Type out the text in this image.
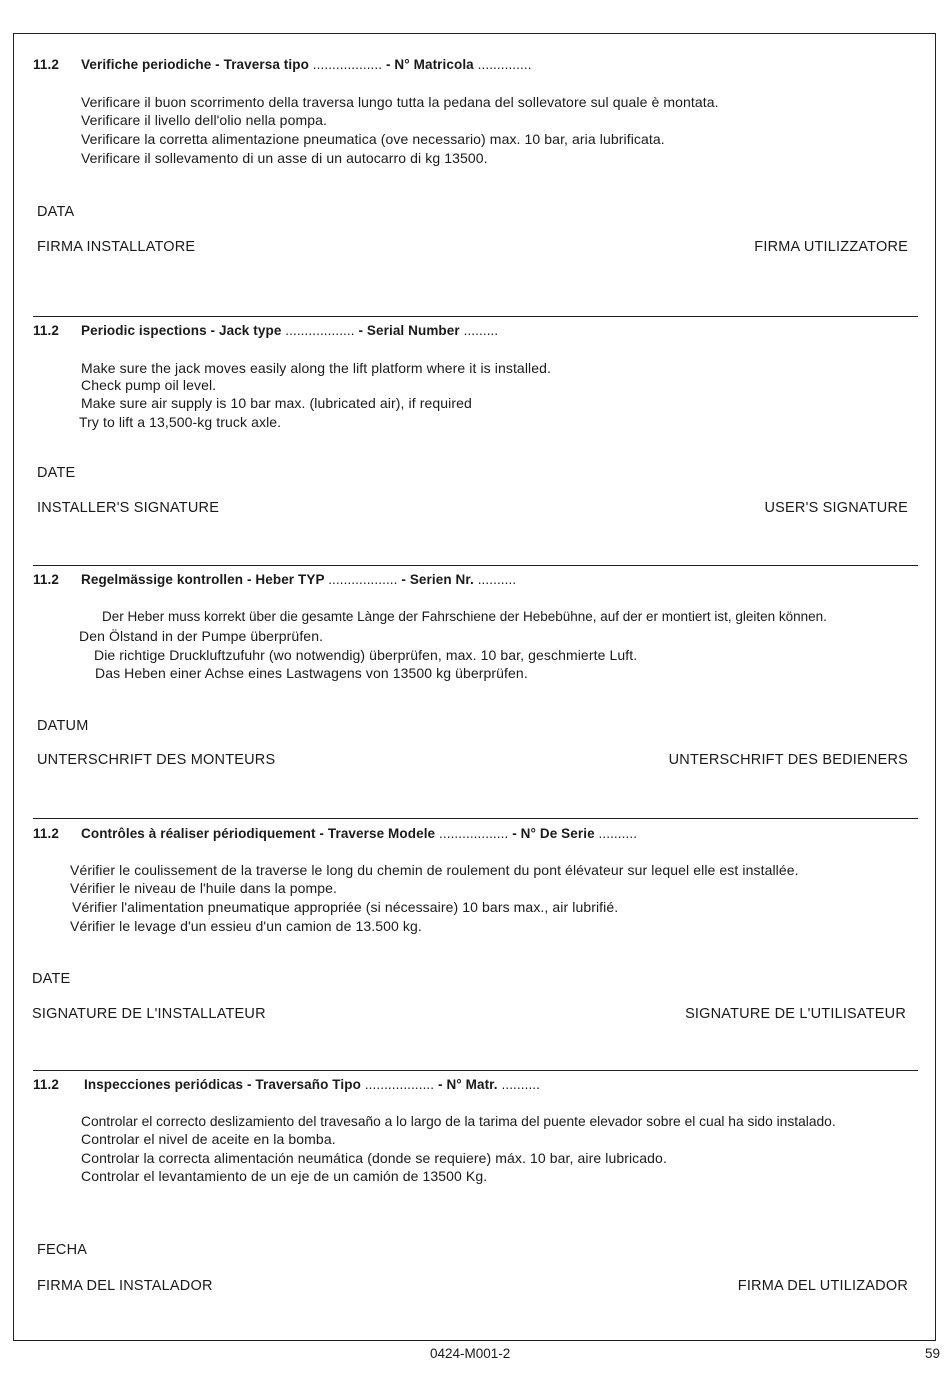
11.2 Verifiche periodiche - Traversa tipo .................. - N° Matricola ..............
Verificare il buon scorrimento della traversa lungo tutta la pedana del sollevatore sul quale è montata.
Verificare il livello dell'olio nella pompa.
Verificare la corretta alimentazione pneumatica (ove necessario) max. 10 bar, aria lubrificata.
Verificare il sollevamento di un asse di un autocarro di kg 13500.
DATA
FIRMA INSTALLATORE	FIRMA UTILIZZATORE
11.2 Periodic ispections - Jack type .................. - Serial Number .........
Make sure the jack moves easily along the lift platform where it is installed.
Check pump oil level.
Make sure air supply is 10 bar max. (lubricated air), if required
Try to lift a 13,500-kg truck axle.
DATE
INSTALLER'S SIGNATURE	USER'S SIGNATURE
11.2 Regelmässige kontrollen - Heber TYP .................. - Serien Nr. ..........
Der Heber muss korrekt über die gesamte Lànge der Fahrschiene der Hebebühne, auf der er montiert ist, gleiten können.
Den Ölstand in der Pumpe überprüfen.
Die richtige Druckluftzufuhr (wo notwendig) überprüfen, max. 10 bar, geschmierte Luft.
Das Heben einer Achse eines Lastwagens von 13500 kg überprüfen.
DATUM
UNTERSCHRIFT DES MONTEURS	UNTERSCHRIFT DES BEDIENERS
11.2 Contrôles à réaliser périodiquement - Traverse Modele .................. - N° De Serie ..........
Vérifier le coulissement de la traverse le long du chemin de roulement du pont élévateur sur lequel elle est installée.
Vérifier le niveau de l'huile dans la pompe.
Vérifier l'alimentation pneumatique appropriée (si nécessaire) 10 bars max., air lubrifié.
Vérifier le levage d'un essieu d'un camion de 13.500 kg.
DATE
SIGNATURE DE L'INSTALLATEUR	SIGNATURE DE L'UTILISATEUR
11.2 Inspecciones periódicas - Traversaño Tipo .................. - N° Matr. ..........
Controlar el correcto deslizamiento del travesaño a lo largo de la tarima del puente elevador sobre el cual ha sido instalado.
Controlar el nivel de aceite en la bomba.
Controlar la correcta alimentación neumática (donde se requiere) máx. 10 bar, aire lubricado.
Controlar el levantamiento de un eje de un camión de 13500 Kg.
FECHA
FIRMA DEL INSTALADOR	FIRMA DEL UTILIZADOR
0424-M001-2	59
